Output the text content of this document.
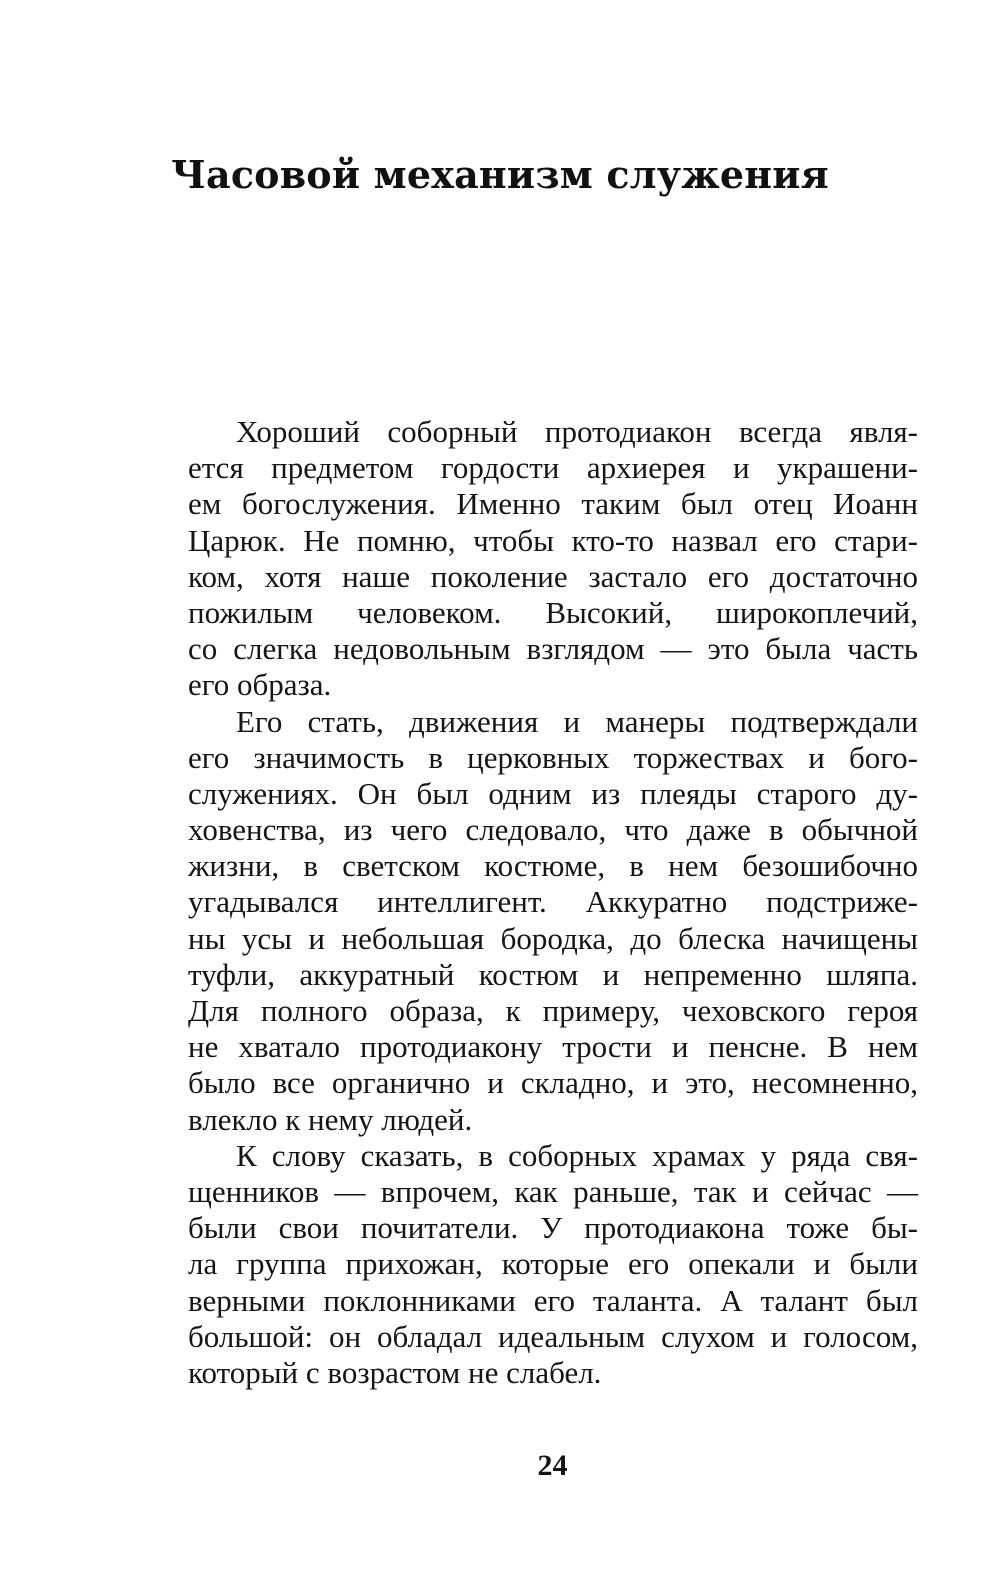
Часовой механизм служения
Хороший соборный протодиакон всегда явля-
ется предметом гордости архиерея и украшени-
ем богослужения. Именно таким был отец Иоанн
Царюк. Не помню, чтобы кто-то назвал его стари-
ком, хотя наше поколение застало его достаточно
пожилым человеком. Высокий, широкоплечий,
со слегка недовольным взглядом — это была часть
его образа.
Его стать, движения и манеры подтверждали
его значимость в церковных торжествах и бого-
служениях. Он был одним из плеяды старого ду-
ховенства, из чего следовало, что даже в обычной
жизни, в светском костюме, в нем безошибочно
угадывался интеллигент. Аккуратно подстриже-
ны усы и небольшая бородка, до блеска начищены
туфли, аккуратный костюм и непременно шляпа.
Для полного образа, к примеру, чеховского героя
не хватало протодиакону трости и пенсне. В нем
было все органично и складно, и это, несомненно,
влекло к нему людей.
К слову сказать, в соборных храмах у ряда свя-
щенников — впрочем, как раньше, так и сейчас —
были свои почитатели. У протодиакона тоже бы-
ла группа прихожан, которые его опекали и были
верными поклонниками его таланта. А талант был
большой: он обладал идеальным слухом и голосом,
который с возрастом не слабел.
24
